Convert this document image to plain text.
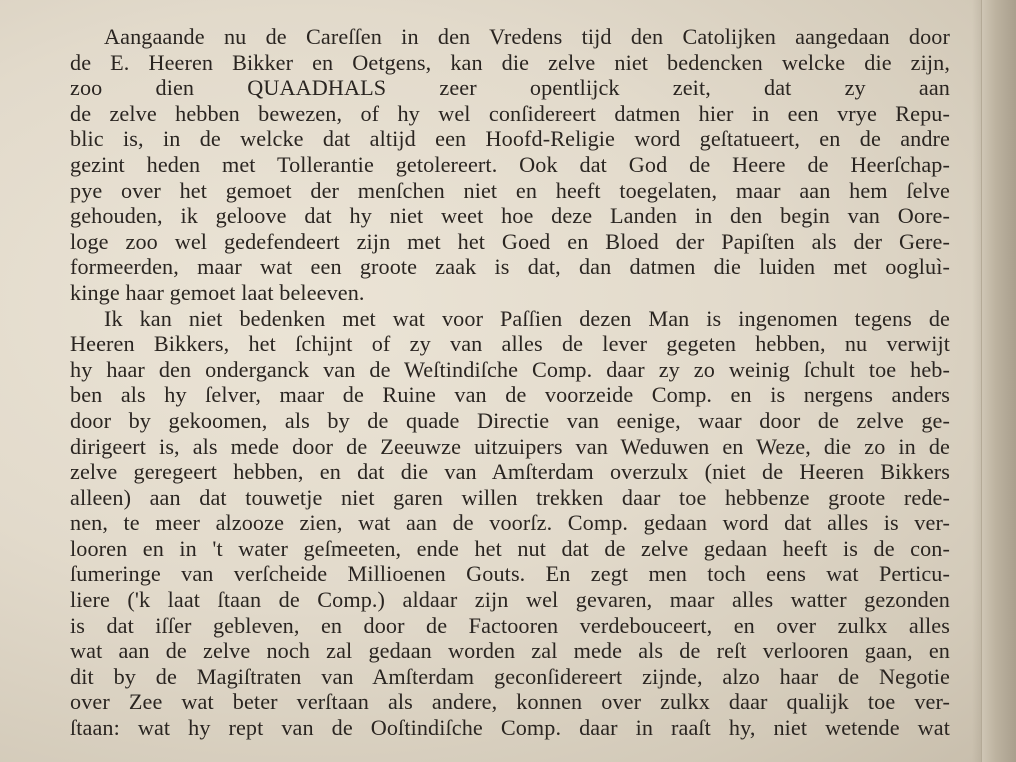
Aangaande nu de Careſſen in den Vredens tijd den Catolijken aangedaan door
de E. Heeren Bikker en Oetgens, kan die zelve niet bedencken welcke die zijn,
zoo dien QUAADHALS zeer opentlijck zeit, dat zy aan
de zelve hebben bewezen, of hy wel conſidereert datmen hier in een vrye Repu-
blic is, in de welcke dat altijd een Hoofd-Religie word geſtatueert, en de andre
gezint heden met Tollerantie getolereert. Ook dat God de Heere de Heerſchap-
pye over het gemoet der menſchen niet en heeft toegelaten, maar aan hem ſelve
gehouden, ik geloove dat hy niet weet hoe deze Landen in den begin van Oore-
loge zoo wel gedefendeert zijn met het Goed en Bloed der Papiſten als der Gere-
formeerden, maar wat een groote zaak is dat, dan datmen die luiden met oogluì-
kinge haar gemoet laat beleeven.
Ik kan niet bedenken met wat voor Paſſien dezen Man is ingenomen tegens de
Heeren Bikkers, het ſchijnt of zy van alles de lever gegeten hebben, nu verwijt
hy haar den onderganck van de Weſtindiſche Comp. daar zy zo weinig ſchult toe heb-
ben als hy ſelver, maar de Ruine van de voorzeide Comp. en is nergens anders
door by gekoomen, als by de quade Directie van eenige, waar door de zelve ge-
dirigeert is, als mede door de Zeeuwze uitzuipers van Weduwen en Weze, die zo in de
zelve geregeert hebben, en dat die van Amſterdam overzulx (niet de Heeren Bikkers
alleen) aan dat touwetje niet garen willen trekken daar toe hebbenze groote rede-
nen, te meer alzooze zien, wat aan de voorſz. Comp. gedaan word dat alles is ver-
looren en in 't water geſmeeten, ende het nut dat de zelve gedaan heeft is de con-
ſumeringe van verſcheide Millioenen Gouts. En zegt men toch eens wat Perticu-
liere ('k laat ſtaan de Comp.) aldaar zijn wel gevaren, maar alles watter gezonden
is dat iſſer gebleven, en door de Factooren verdebouceert, en over zulkx alles
wat aan de zelve noch zal gedaan worden zal mede als de reſt verlooren gaan, en
dit by de Magiſtraten van Amſterdam geconſidereert zijnde, alzo haar de Negotie
over Zee wat beter verſtaan als andere, konnen over zulkx daar qualijk toe ver-
ſtaan: wat hy rept van de Ooſtindiſche Comp. daar in raaſt hy, niet wetende wat
